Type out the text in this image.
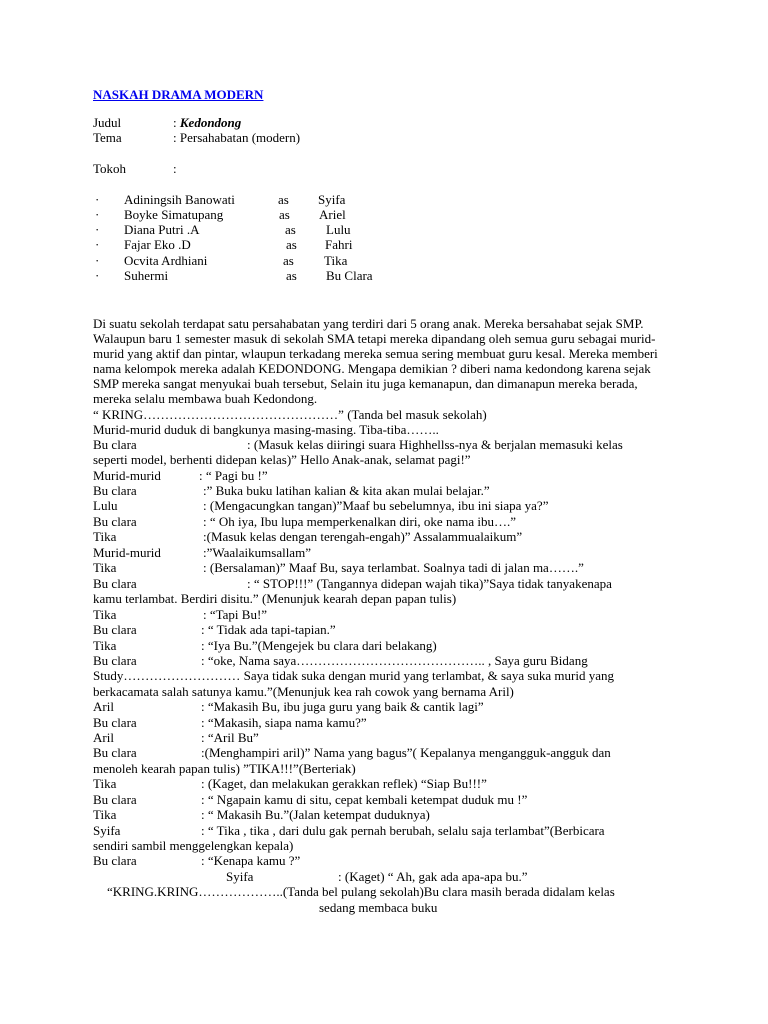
NASKAH DRAMA MODERN
Judul	: Kedondong
Tema	: Persahabatan (modern)
Tokoh	:
· Adiningsih Banowati	as Syifa
· Boyke Simatupang	as Ariel
· Diana Putri .A	as Lulu
· Fajar Eko .D	as Fahri
· Ocvita Ardhiani	as Tika
· Suhermi	as Bu Clara
Di suatu sekolah terdapat satu persahabatan yang terdiri dari 5 orang anak. Mereka bersahabat sejak SMP. Walaupun baru 1 semester masuk di sekolah SMA tetapi mereka dipandang oleh semua guru sebagai murid-murid yang aktif dan pintar, wlaupun terkadang mereka semua sering membuat guru kesal. Mereka memberi nama kelompok mereka adalah KEDONDONG. Mengapa demikian ? diberi nama kedondong karena sejak SMP mereka sangat menyukai buah tersebut, Selain itu juga kemanapun, dan dimanapun mereka berada, mereka selalu membawa buah Kedondong.
“ KRING………………………………………” (Tanda bel masuk sekolah)
Murid-murid duduk di bangkunya masing-masing. Tiba-tiba……..
Bu clara	: (Masuk kelas diiringi suara Highhellss-nya & berjalan memasuki kelas
seperti model, berhenti didepan kelas)” Hello Anak-anak, selamat pagi!”
Murid-murid	: “ Pagi bu !”
Bu clara	:” Buka buku latihan kalian & kita akan mulai belajar.”
Lulu	: (Mengacungkan tangan)”Maaf bu sebelumnya, ibu ini siapa ya?”
Bu clara	: “ Oh iya, Ibu lupa memperkenalkan diri, oke nama ibu….”
Tika	:(Masuk kelas dengan terengah-engah)” Assalammualaikum”
Murid-murid	:”Waalaikumsallam”
Tika	: (Bersalaman)” Maaf Bu, saya terlambat. Soalnya tadi di jalan ma…….”
Bu clara	: “ STOP!!!” (Tangannya didepan wajah tika)”Saya tidak tanyakenapa
kamu terlambat. Berdiri disitu.” (Menunjuk kearah depan papan tulis)
Tika	: “Tapi Bu!”
Bu clara	: “ Tidak ada tapi-tapian.”
Tika	: “Iya Bu.”(Mengejek bu clara dari belakang)
Bu clara	: “oke, Nama saya…………………………………….. , Saya guru Bidang
Study……………………… Saya tidak suka dengan murid yang terlambat, & saya suka murid yang
berkacamata salah satunya kamu.”(Menunjuk kea rah cowok yang bernama Aril)
Aril	: “Makasih Bu, ibu juga guru yang baik & cantik lagi”
Bu clara	: “Makasih, siapa nama kamu?”
Aril	: “Aril Bu”
Bu clara	:(Menghampiri aril)” Nama yang bagus”( Kepalanya mengangguk-angguk dan
menoleh kearah papan tulis) ”TIKA!!!”(Berteriak)
Tika	: (Kaget, dan melakukan gerakkan reflek) “Siap Bu!!!”
Bu clara	: “ Ngapain kamu di situ, cepat kembali ketempat duduk mu !”
Tika	: “ Makasih Bu.”(Jalan ketempat duduknya)
Syifa	: “ Tika , tika , dari dulu gak pernah berubah, selalu saja terlambat”(Berbicara
sendiri sambil menggelengkan kepala)
Bu clara	: “Kenapa kamu ?”
Syifa	: (Kaget) “ Ah, gak ada apa-apa bu.”
“KRING.KRING………………..(Tanda bel pulang sekolah)Bu clara masih berada didalam kelas
sedang membaca buku
